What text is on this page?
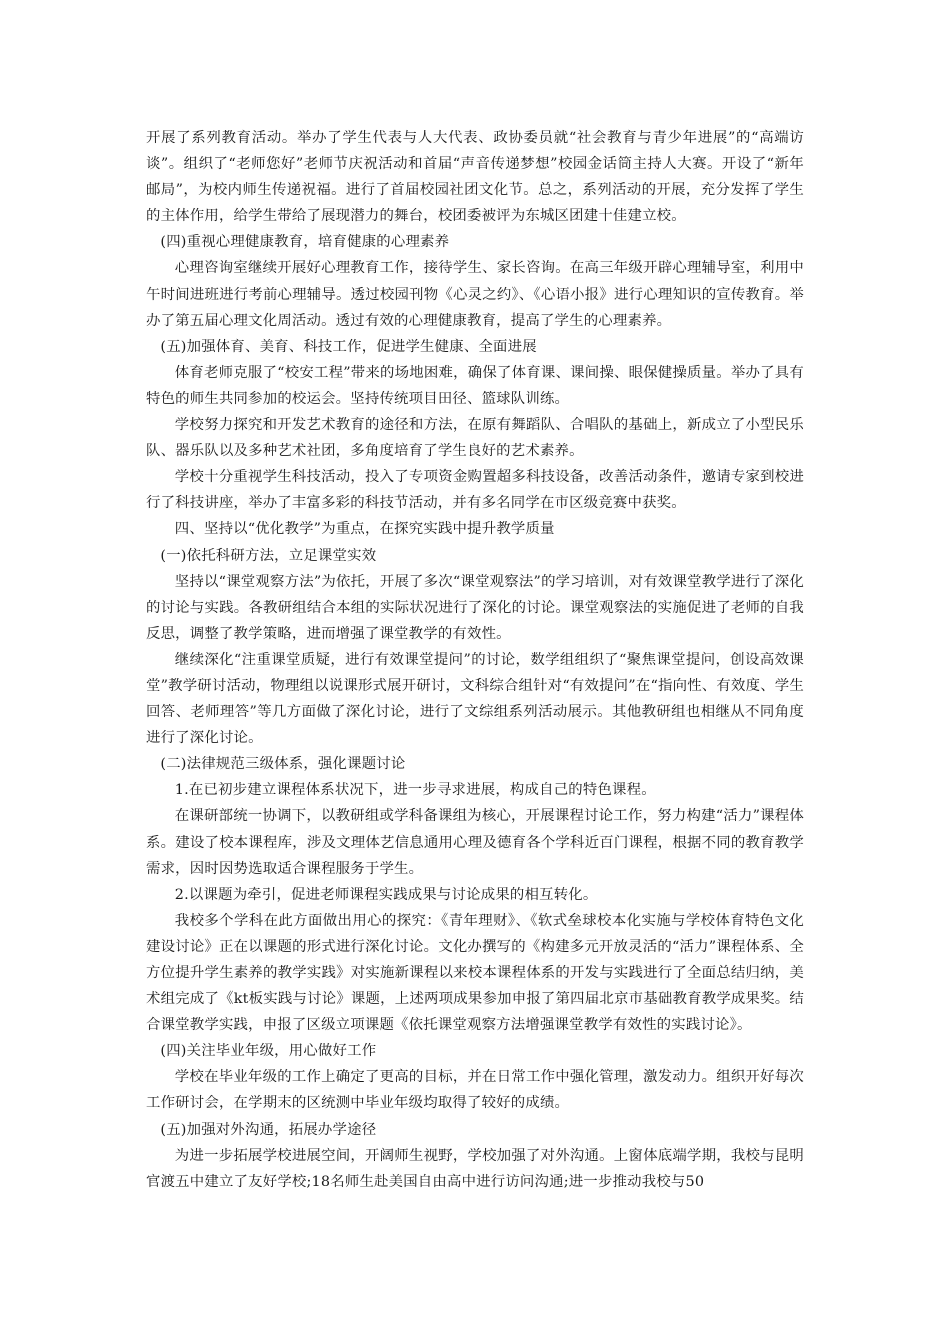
开展了系列教育活动。举办了学生代表与人大代表、政协委员就“社会教育与青少年进展”的“高端访谈”。组织了“老师您好”老师节庆祝活动和首届“声音传递梦想”校园金话筒主持人大赛。开设了“新年邮局”，为校内师生传递祝福。进行了首届校园社团文化节。总之，系列活动的开展，充分发挥了学生的主体作用，给学生带给了展现潜力的舞台，校团委被评为东城区团建十佳建立校。

(四)重视心理健康教育，培育健康的心理素养

心理咨询室继续开展好心理教育工作，接待学生、家长咨询。在高三年级开辟心理辅导室，利用中午时间进班进行考前心理辅导。透过校园刊物《心灵之约》、《心语小报》进行心理知识的宣传教育。举办了第五届心理文化周活动。透过有效的心理健康教育，提高了学生的心理素养。

(五)加强体育、美育、科技工作，促进学生健康、全面进展

体育老师克服了“校安工程”带来的场地困难，确保了体育课、课间操、眼保健操质量。举办了具有特色的师生共同参加的校运会。坚持传统项目田径、篮球队训练。

学校努力探究和开发艺术教育的途径和方法，在原有舞蹈队、合唱队的基础上，新成立了小型民乐队、器乐队以及多种艺术社团，多角度培育了学生良好的艺术素养。

学校十分重视学生科技活动，投入了专项资金购置超多科技设备，改善活动条件，邀请专家到校进行了科技讲座，举办了丰富多彩的科技节活动，并有多名同学在市区级竞赛中获奖。

四、坚持以“优化教学”为重点，在探究实践中提升教学质量

(一)依托科研方法，立足课堂实效

坚持以“课堂观察方法”为依托，开展了多次“课堂观察法”的学习培训，对有效课堂教学进行了深化的讨论与实践。各教研组结合本组的实际状况进行了深化的讨论。课堂观察法的实施促进了老师的自我反思，调整了教学策略，进而增强了课堂教学的有效性。

继续深化“注重课堂质疑，进行有效课堂提问”的讨论，数学组组织了“聚焦课堂提问，创设高效课堂”教学研讨活动，物理组以说课形式展开研讨，文科综合组针对“有效提问”在“指向性、有效度、学生回答、老师理答”等几方面做了深化讨论，进行了文综组系列活动展示。其他教研组也相继从不同角度进行了深化讨论。

(二)法律规范三级体系，强化课题讨论

1.在已初步建立课程体系状况下，进一步寻求进展，构成自己的特色课程。

在课研部统一协调下，以教研组或学科备课组为核心，开展课程讨论工作，努力构建“活力”课程体系。建设了校本课程库，涉及文理体艺信息通用心理及德育各个学科近百门课程，根据不同的教育教学需求，因时因势选取适合课程服务于学生。

2.以课题为牵引，促进老师课程实践成果与讨论成果的相互转化。

我校多个学科在此方面做出用心的探究：《青年理财》、《软式垒球校本化实施与学校体育特色文化建设讨论》正在以课题的形式进行深化讨论。文化办撰写的《构建多元开放灵活的“活力”课程体系、全方位提升学生素养的教学实践》对实施新课程以来校本课程体系的开发与实践进行了全面总结归纳，美术组完成了《kt板实践与讨论》课题，上述两项成果参加申报了第四届北京市基础教育教学成果奖。结合课堂教学实践，申报了区级立项课题《依托课堂观察方法增强课堂教学有效性的实践讨论》。

(四)关注毕业年级，用心做好工作

学校在毕业年级的工作上确定了更高的目标，并在日常工作中强化管理，激发动力。组织开好每次工作研讨会，在学期末的区统测中毕业年级均取得了较好的成绩。

(五)加强对外沟通，拓展办学途径

为进一步拓展学校进展空间，开阔师生视野，学校加强了对外沟通。上窗体底端学期，我校与昆明官渡五中建立了友好学校;18名师生赴美国自由高中进行访问沟通;进一步推动我校与50
